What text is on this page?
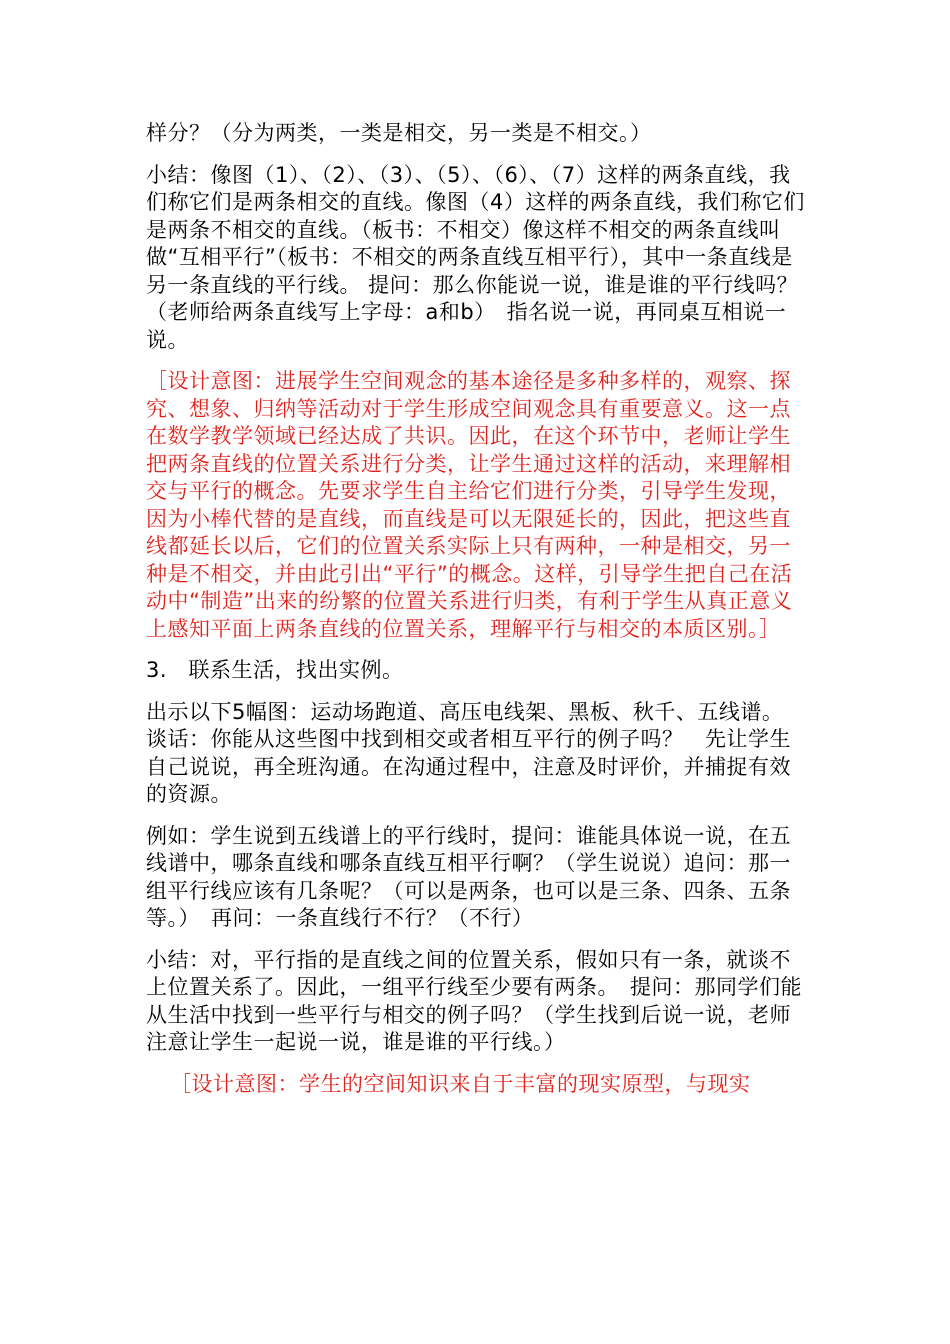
样分？（分为两类，一类是相交，另一类是不相交。）

小结：像图（1）、（2）、（3）、（5）、（6）、（7）这样的两条直线，我们称它们是两条相交的直线。像图（4）这样的两条直线，我们称它们是两条不相交的直线。（板书：不相交）像这样不相交的两条直线叫做“互相平行”（板书：不相交的两条直线互相平行），其中一条直线是另一条直线的平行线。 提问：那么你能说一说，谁是谁的平行线吗？（老师给两条直线写上字母：a和b）　指名说一说，再同桌互相说一说。

［设计意图：进展学生空间观念的基本途径是多种多样的，观察、探究、想象、归纳等活动对于学生形成空间观念具有重要意义。这一点在数学教学领域已经达成了共识。因此，在这个环节中，老师让学生把两条直线的位置关系进行分类，让学生通过这样的活动，来理解相交与平行的概念。先要求学生自主给它们进行分类，引导学生发现，因为小棒代替的是直线，而直线是可以无限延长的，因此，把这些直线都延长以后，它们的位置关系实际上只有两种，一种是相交，另一种是不相交，并由此引出“平行”的概念。这样，引导学生把自己在活动中“制造”出来的纷繁的位置关系进行归类，有利于学生从真正意义上感知平面上两条直线的位置关系，理解平行与相交的本质区别。］

3.　联系生活，找出实例。

出示以下5幅图：运动场跑道、高压电线架、黑板、秋千、五线谱。 谈话：你能从这些图中找到相交或者相互平行的例子吗？　先让学生自己说说，再全班沟通。在沟通过程中，注意及时评价，并捕捉有效的资源。

例如：学生说到五线谱上的平行线时，提问：谁能具体说一说，在五线谱中，哪条直线和哪条直线互相平行啊？（学生说说）追问：那一组平行线应该有几条呢？（可以是两条，也可以是三条、四条、五条等。）　再问：一条直线行不行？（不行）

小结：对，平行指的是直线之间的位置关系，假如只有一条，就谈不上位置关系了。因此，一组平行线至少要有两条。　提问：那同学们能从生活中找到一些平行与相交的例子吗？（学生找到后说一说，老师注意让学生一起说一说，谁是谁的平行线。）

［设计意图：学生的空间知识来自于丰富的现实原型，与现实
